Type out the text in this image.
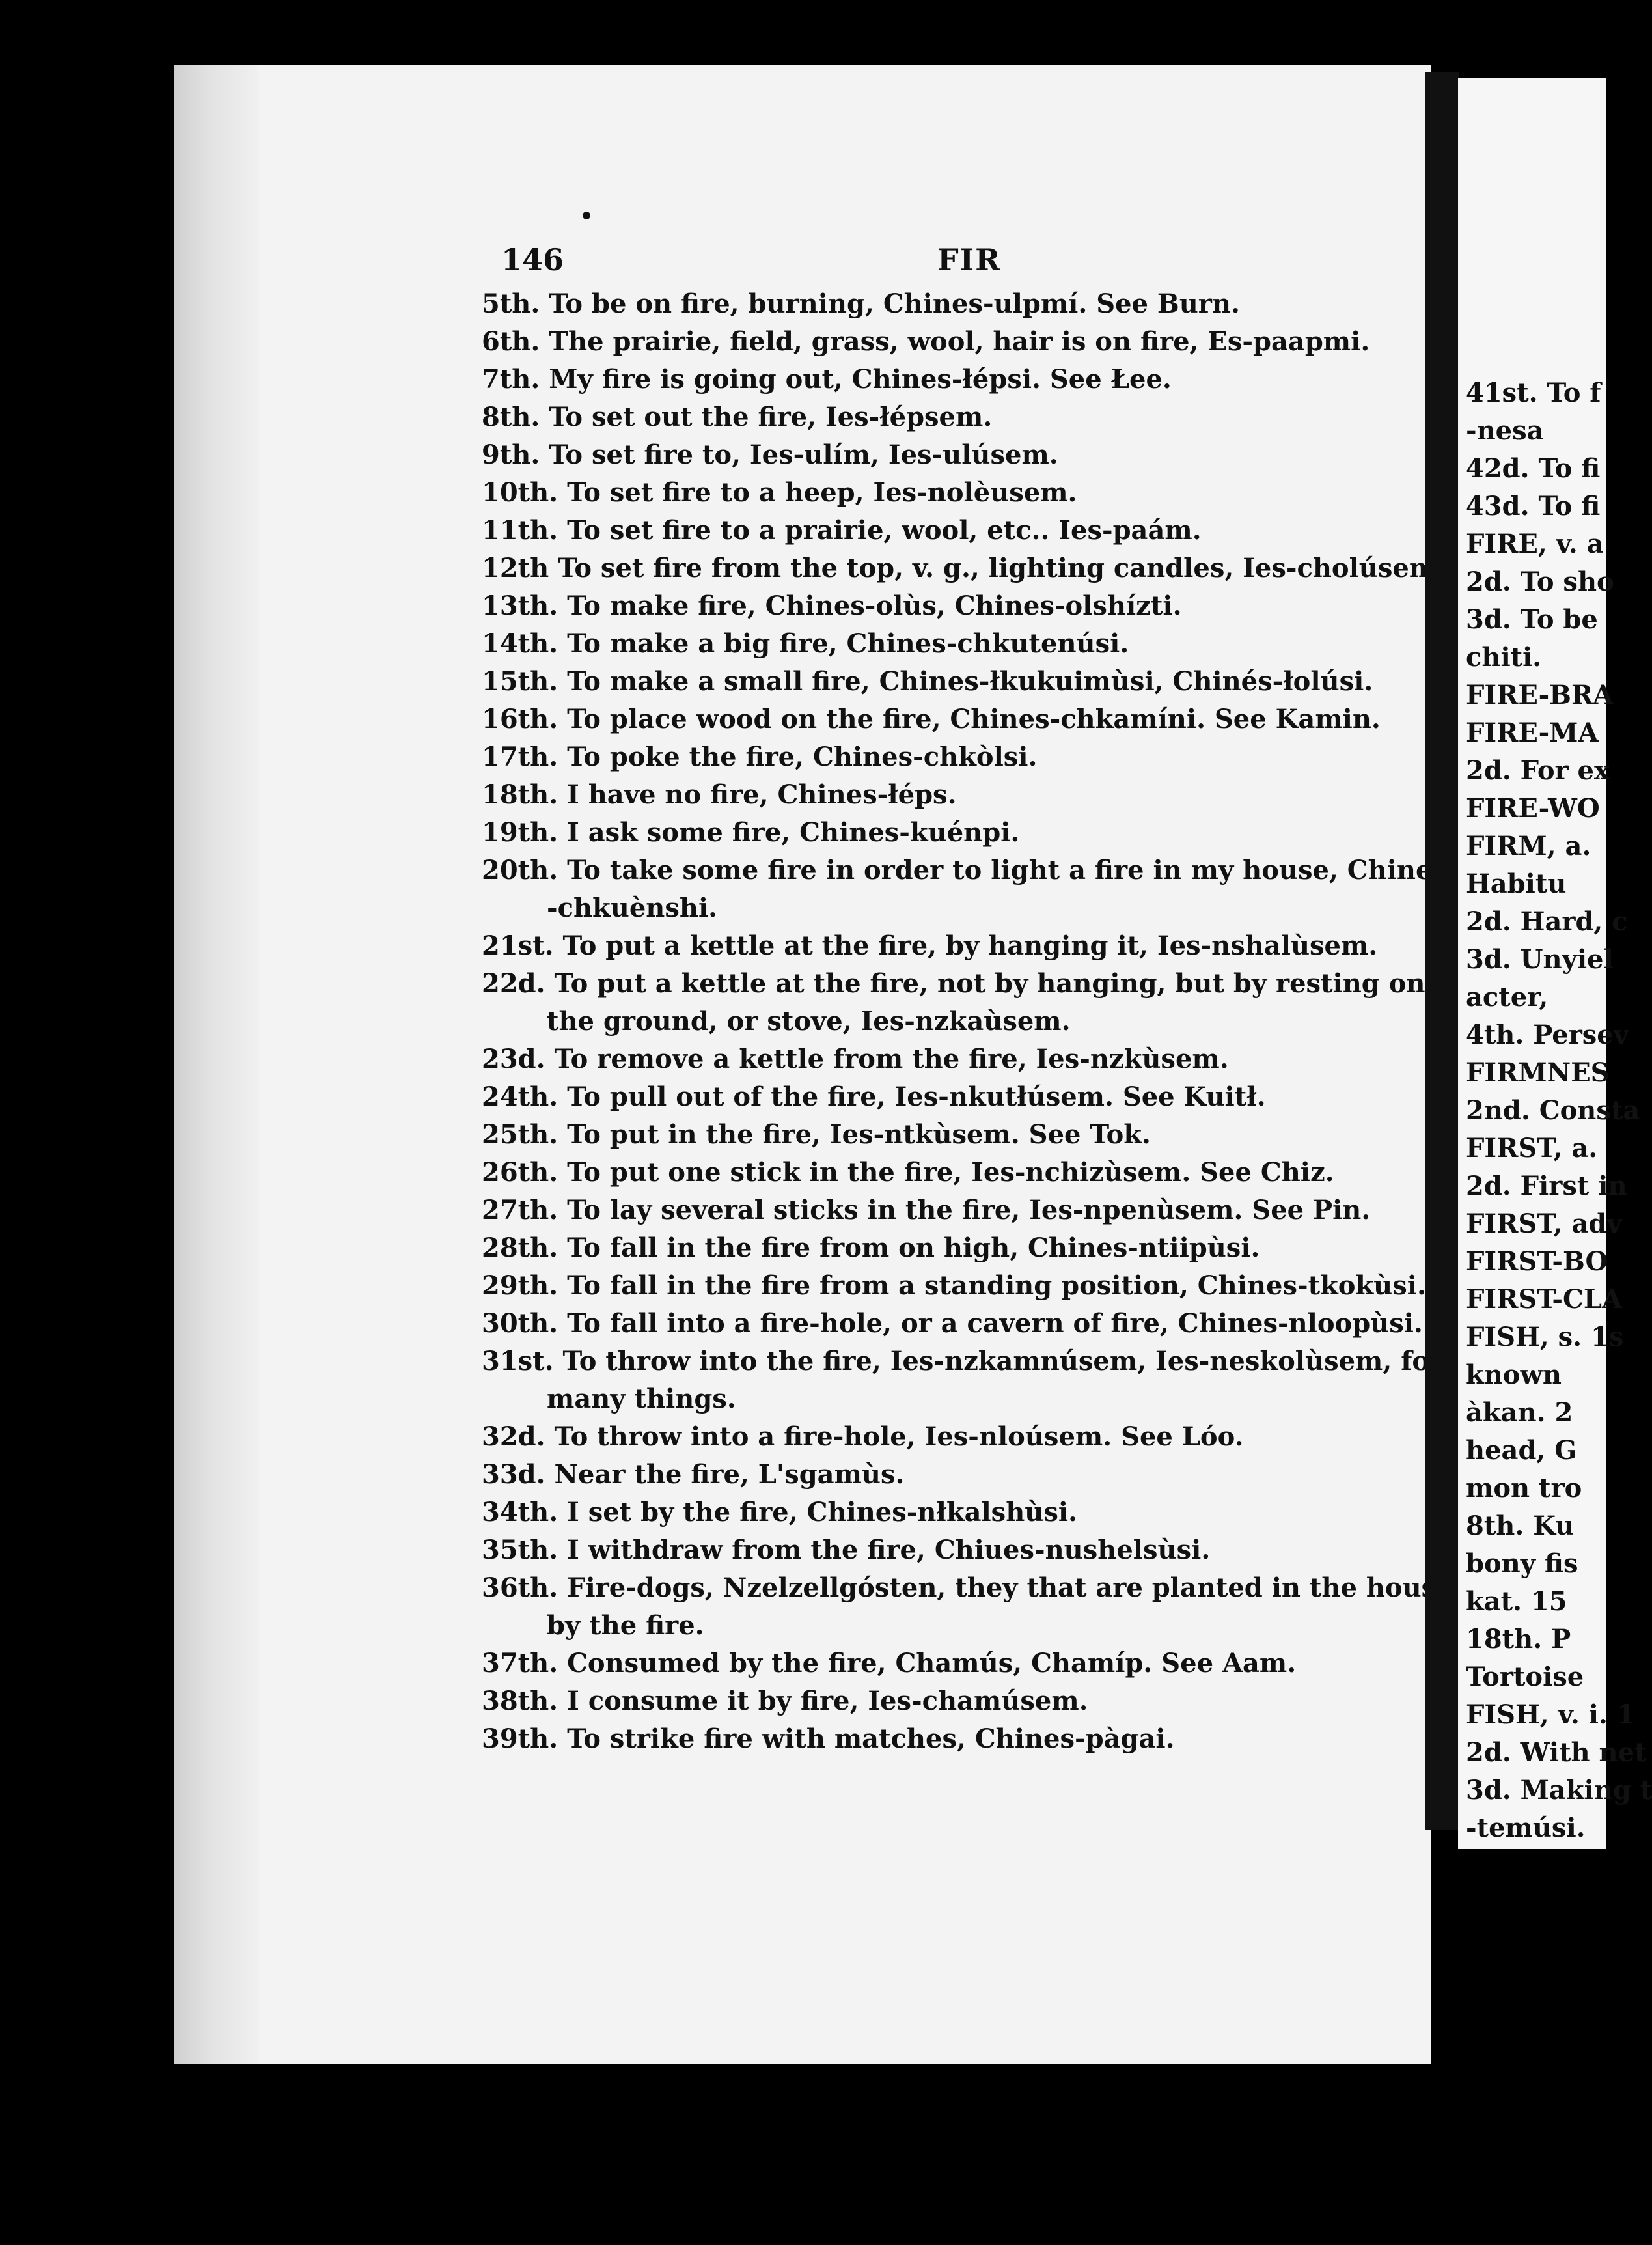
41st. To f
-nesa
42d. To fi
43d. To fi
FIRE, v. a
2d. To sho
3d. To be
chiti.
FIRE-BRA
FIRE-MA
2d. For ex
FIRE-WO
FIRM, a.
Habitu
2d. Hard, c
3d. Unyiel
acter,
4th. Persev
FIRMNES
2nd. Consta
FIRST, a.
2d. First in
FIRST, adv
FIRST-BO
FIRST-CLA
FISH, s. 1s
known
àkan. 2
head, G
mon tro
8th. Ku
bony fis
kat. 15
18th. P
Tortoise
FISH, v. i. 1
2d. With net
3d. Making t
-temúsi.
146	FIR
5th. To be on fire, burning, Chines-ulpmí. See Burn.
6th. The prairie, field, grass, wool, hair is on fire, Es-paapmi.
7th. My fire is going out, Chines-łépsi. See Łee.
8th. To set out the fire, Ies-łépsem.
9th. To set fire to, Ies-ulím, Ies-ulúsem.
10th. To set fire to a heep, Ies-nolèusem.
11th. To set fire to a prairie, wool, etc.. Ies-paám.
12th To set fire from the top, v. g., lighting candles, Ies-cholúsem.
13th. To make fire, Chines-olùs, Chines-olshízti.
14th. To make a big fire, Chines-chkutenúsi.
15th. To make a small fire, Chines-łkukuimùsi, Chinés-łolúsi.
16th. To place wood on the fire, Chines-chkamíni. See Kamin.
17th. To poke the fire, Chines-chkòlsi.
18th. I have no fire, Chines-łéps.
19th. I ask some fire, Chines-kuénpi.
20th. To take some fire in order to light a fire in my house, Chines-
-chkuènshi.
21st. To put a kettle at the fire, by hanging it, Ies-nshalùsem.
22d. To put a kettle at the fire, not by hanging, but by resting on
the ground, or stove, Ies-nzkaùsem.
23d. To remove a kettle from the fire, Ies-nzkùsem.
24th. To pull out of the fire, Ies-nkutłúsem. See Kuitł.
25th. To put in the fire, Ies-ntkùsem. See Tok.
26th. To put one stick in the fire, Ies-nchizùsem. See Chiz.
27th. To lay several sticks in the fire, Ies-npenùsem. See Pin.
28th. To fall in the fire from on high, Chines-ntiipùsi.
29th. To fall in the fire from a standing position, Chines-tkokùsi.
30th. To fall into a fire-hole, or a cavern of fire, Chines-nloopùsi.
31st. To throw into the fire, Ies-nzkamnúsem, Ies-neskolùsem, for
many things.
32d. To throw into a fire-hole, Ies-nloúsem. See Lóo.
33d. Near the fire, L'sgamùs.
34th. I set by the fire, Chines-nłkalshùsi.
35th. I withdraw from the fire, Chiues-nushelsùsi.
36th. Fire-dogs, Nzelzellgósten, they that are planted in the house
by the fire.
37th. Consumed by the fire, Chamús, Chamíp. See Aam.
38th. I consume it by fire, Ies-chamúsem.
39th. To strike fire with matches, Chines-pàgai.
